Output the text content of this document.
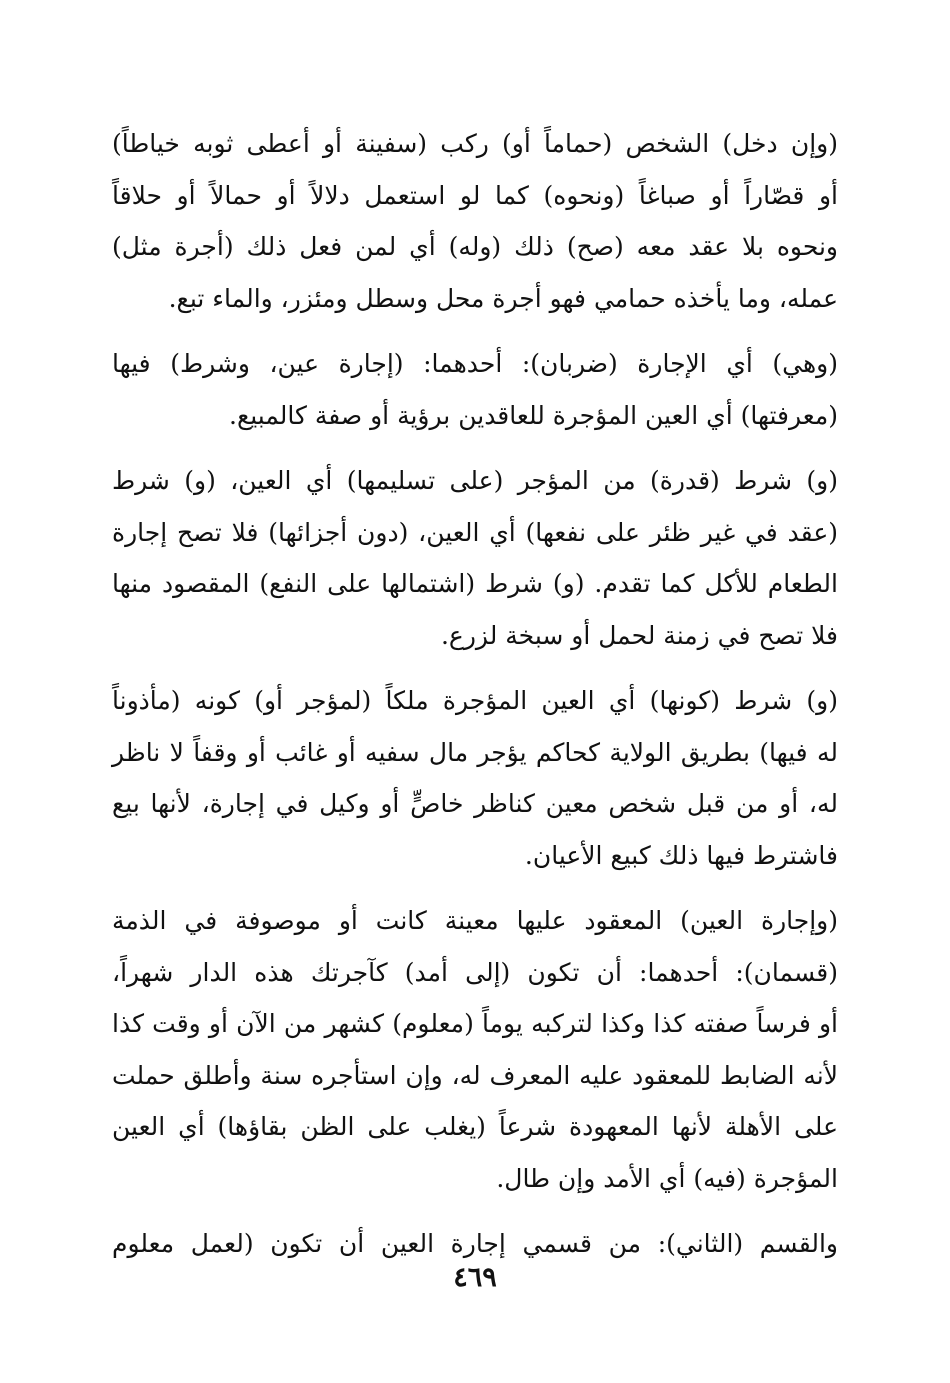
(وإن دخل) الشخص (حماماً أو) ركب (سفينة أو أعطى ثوبه خياطاً)
أو قصّاراً أو صباغاً (ونحوه) كما لو استعمل دلالاً أو حمالاً أو حلاقاً
ونحوه بلا عقد معه (صح) ذلك (وله) أي لمن فعل ذلك (أجرة مثل)
عمله، وما يأخذه حمامي فهو أجرة محل وسطل ومئزر، والماء تبع.
(وهي) أي الإجارة (ضربان): أحدهما: (إجارة عين، وشرط) فيها
(معرفتها) أي العين المؤجرة للعاقدين برؤية أو صفة كالمبيع.
(و) شرط (قدرة) من المؤجر (على تسليمها) أي العين، (و) شرط
(عقد في غير ظئر على نفعها) أي العين، (دون أجزائها) فلا تصح إجارة
الطعام للأكل كما تقدم. (و) شرط (اشتمالها على النفع) المقصود منها
فلا تصح في زمنة لحمل أو سبخة لزرع.
(و) شرط (كونها) أي العين المؤجرة ملكاً (لمؤجر أو) كونه (مأذوناً
له فيها) بطريق الولاية كحاكم يؤجر مال سفيه أو غائب أو وقفاً لا ناظر
له، أو من قبل شخص معين كناظر خاصٍّ أو وكيل في إجارة، لأنها بيع
فاشترط فيها ذلك كبيع الأعيان.
(وإجارة العين) المعقود عليها معينة كانت أو موصوفة في الذمة
(قسمان): أحدهما: أن تكون (إلى أمد) كآجرتك هذه الدار شهراً،
أو فرساً صفته كذا وكذا لتركبه يوماً (معلوم) كشهر من الآن أو وقت كذا
لأنه الضابط للمعقود عليه المعرف له، وإن استأجره سنة وأطلق حملت
على الأهلة لأنها المعهودة شرعاً (يغلب على الظن بقاؤها) أي العين
المؤجرة (فيه) أي الأمد وإن طال.
والقسم (الثاني): من قسمي إجارة العين أن تكون (لعمل معلوم
٤٦٩
